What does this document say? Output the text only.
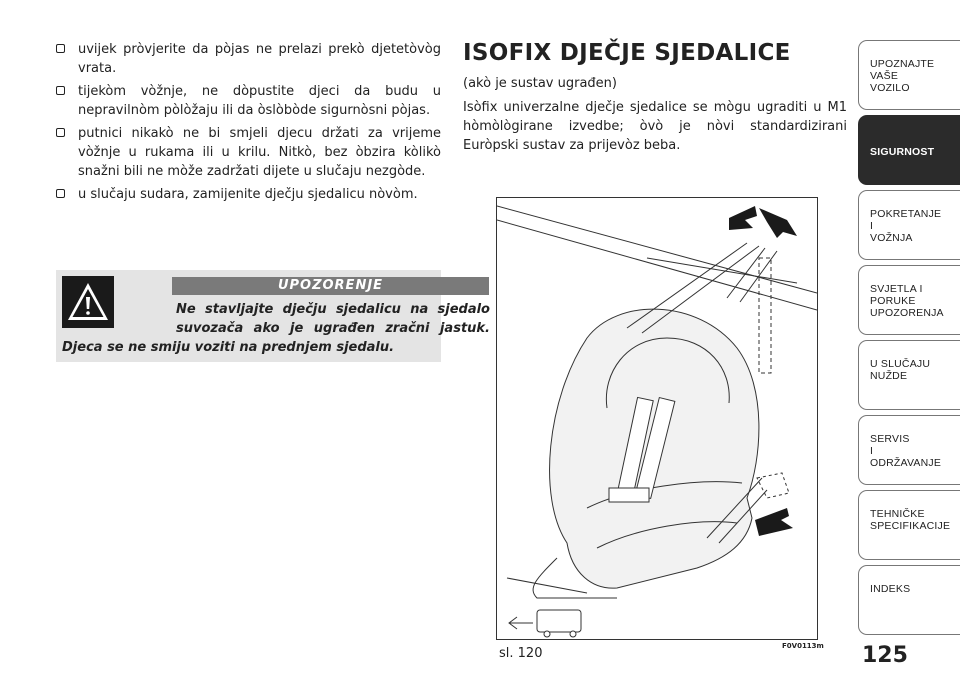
uvijek pròvjerite da pòjas ne prelazi prekò djetetòvòg vrata.
tijekòm vòžnje, ne dòpustite djeci da budu u nepravilnòm pòlòžaju ili da òslòbòde sigurnòsni pòjas.
putnici nikakò ne bi smjeli djecu držati za vrijeme vòžnje u rukama ili u krilu. Nitkò, bez òbzira kòlikò snažni bili ne mòže zadržati dijete u slučaju nezgòde.
u slučaju sudara, zamijenite dječju sjedalicu nòvòm.
UPOZORENJE
Ne stavljajte dječju sjedalicu na sjedalo
suvozača ako je ugrađen zračni jastuk.
Djeca se ne smiju voziti na prednjem sjedalu.
ISOFIX DJEČJE SJEDALICE
(akò je sustav ugrađen)
Isòfix univerzalne dječje sjedalice se mògu ugraditi u M1 hòmòlògirane izvedbe; òvò je nòvi standardizirani Euròpski sustav za prijevòz beba.
F0V0113m
sl. 120	125
UPOZNAJTE
VAŠE
VOZILO
SIGURNOST
POKRETANJE
I
VOŽNJA
SVJETLA I
PORUKE
UPOZORENJA
U SLUČAJU
NUŽDE
SERVIS
I
ODRŽAVANJE
TEHNIČKE
SPECIFIKACIJE
INDEKS
